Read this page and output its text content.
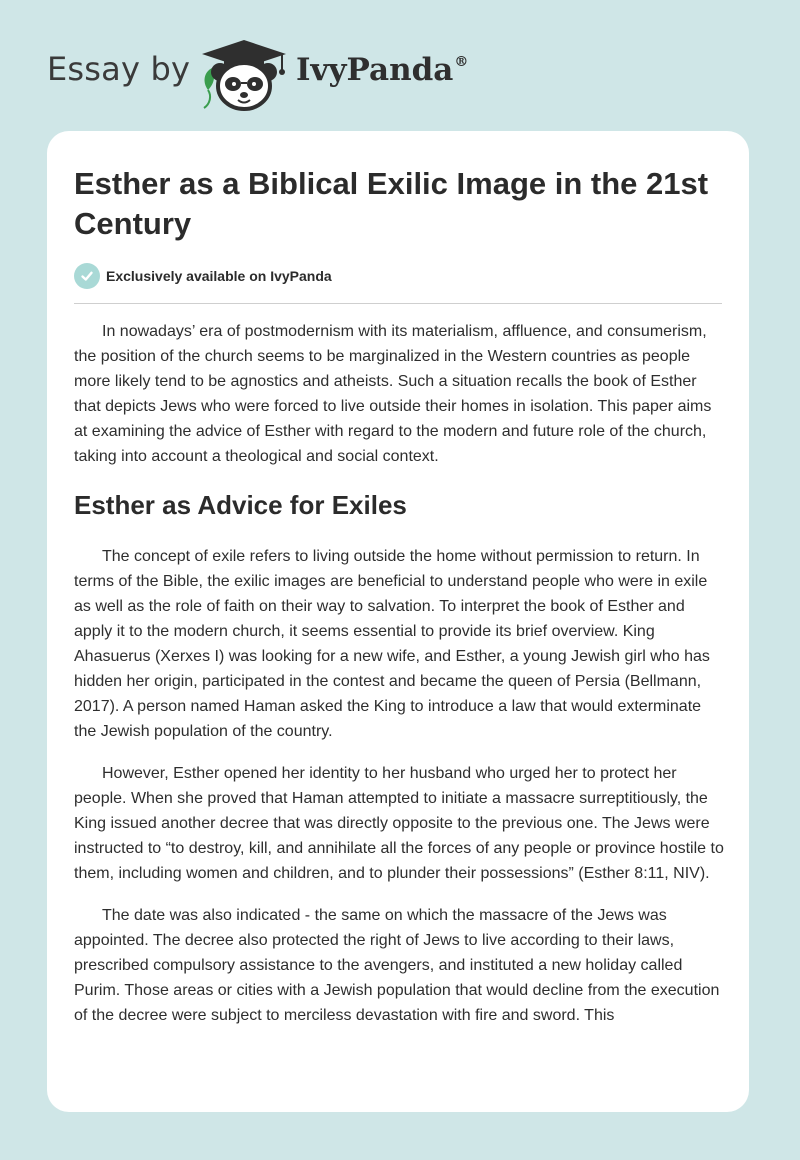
Essay by	IvyPanda®
Esther as a Biblical Exilic Image in the 21st Century
Exclusively available on IvyPanda

In nowadays’ era of postmodernism with its materialism, affluence, and consumerism, the position of the church seems to be marginalized in the Western countries as people more likely tend to be agnostics and atheists. Such a situation recalls the book of Esther that depicts Jews who were forced to live outside their homes in isolation. This paper aims at examining the advice of Esther with regard to the modern and future role of the church, taking into account a theological and social context.

Esther as Advice for Exiles

The concept of exile refers to living outside the home without permission to return. In terms of the Bible, the exilic images are beneficial to understand people who were in exile as well as the role of faith on their way to salvation. To interpret the book of Esther and apply it to the modern church, it seems essential to provide its brief overview. King Ahasuerus (Xerxes I) was looking for a new wife, and Esther, a young Jewish girl who has hidden her origin, participated in the contest and became the queen of Persia (Bellmann, 2017). A person named Haman asked the King to introduce a law that would exterminate the Jewish population of the country.

However, Esther opened her identity to her husband who urged her to protect her people. When she proved that Haman attempted to initiate a massacre surreptitiously, the King issued another decree that was directly opposite to the previous one. The Jews were instructed to “to destroy, kill, and annihilate all the forces of any people or province hostile to them, including women and children, and to plunder their possessions” (Esther 8:11, NIV).

The date was also indicated - the same on which the massacre of the Jews was appointed. The decree also protected the right of Jews to live according to their laws, prescribed compulsory assistance to the avengers, and instituted a new holiday called Purim. Those areas or cities with a Jewish population that would decline from the execution of the decree were subject to merciless devastation with fire and sword. This
